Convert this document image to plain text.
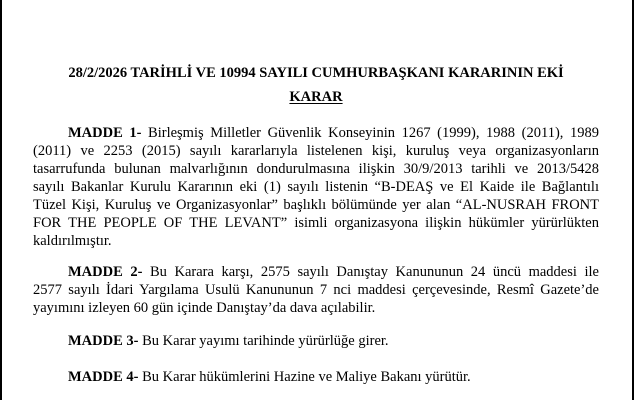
28/2/2026 TARİHLİ VE 10994 SAYILI CUMHURBAŞKANI KARARININ EKİ
KARAR
MADDE 1- Birleşmiş Milletler Güvenlik Konseyinin 1267 (1999), 1988 (2011), 1989
(2011) ve 2253 (2015) sayılı kararlarıyla listelenen kişi, kuruluş veya organizasyonların
tasarrufunda bulunan malvarlığının dondurulmasına ilişkin 30/9/2013 tarihli ve 2013/5428
sayılı Bakanlar Kurulu Kararının eki (1) sayılı listenin “B-DEAŞ ve El Kaide ile Bağlantılı
Tüzel Kişi, Kuruluş ve Organizasyonlar” başlıklı bölümünde yer alan “AL-NUSRAH FRONT
FOR THE PEOPLE OF THE LEVANT” isimli organizasyona ilişkin hükümler yürürlükten
kaldırılmıştır.
MADDE 2- Bu Karara karşı, 2575 sayılı Danıştay Kanununun 24 üncü maddesi ile
2577 sayılı İdari Yargılama Usulü Kanununun 7 nci maddesi çerçevesinde, Resmî Gazete’de
yayımını izleyen 60 gün içinde Danıştay’da dava açılabilir.
MADDE 3- Bu Karar yayımı tarihinde yürürlüğe girer.
MADDE 4- Bu Karar hükümlerini Hazine ve Maliye Bakanı yürütür.
